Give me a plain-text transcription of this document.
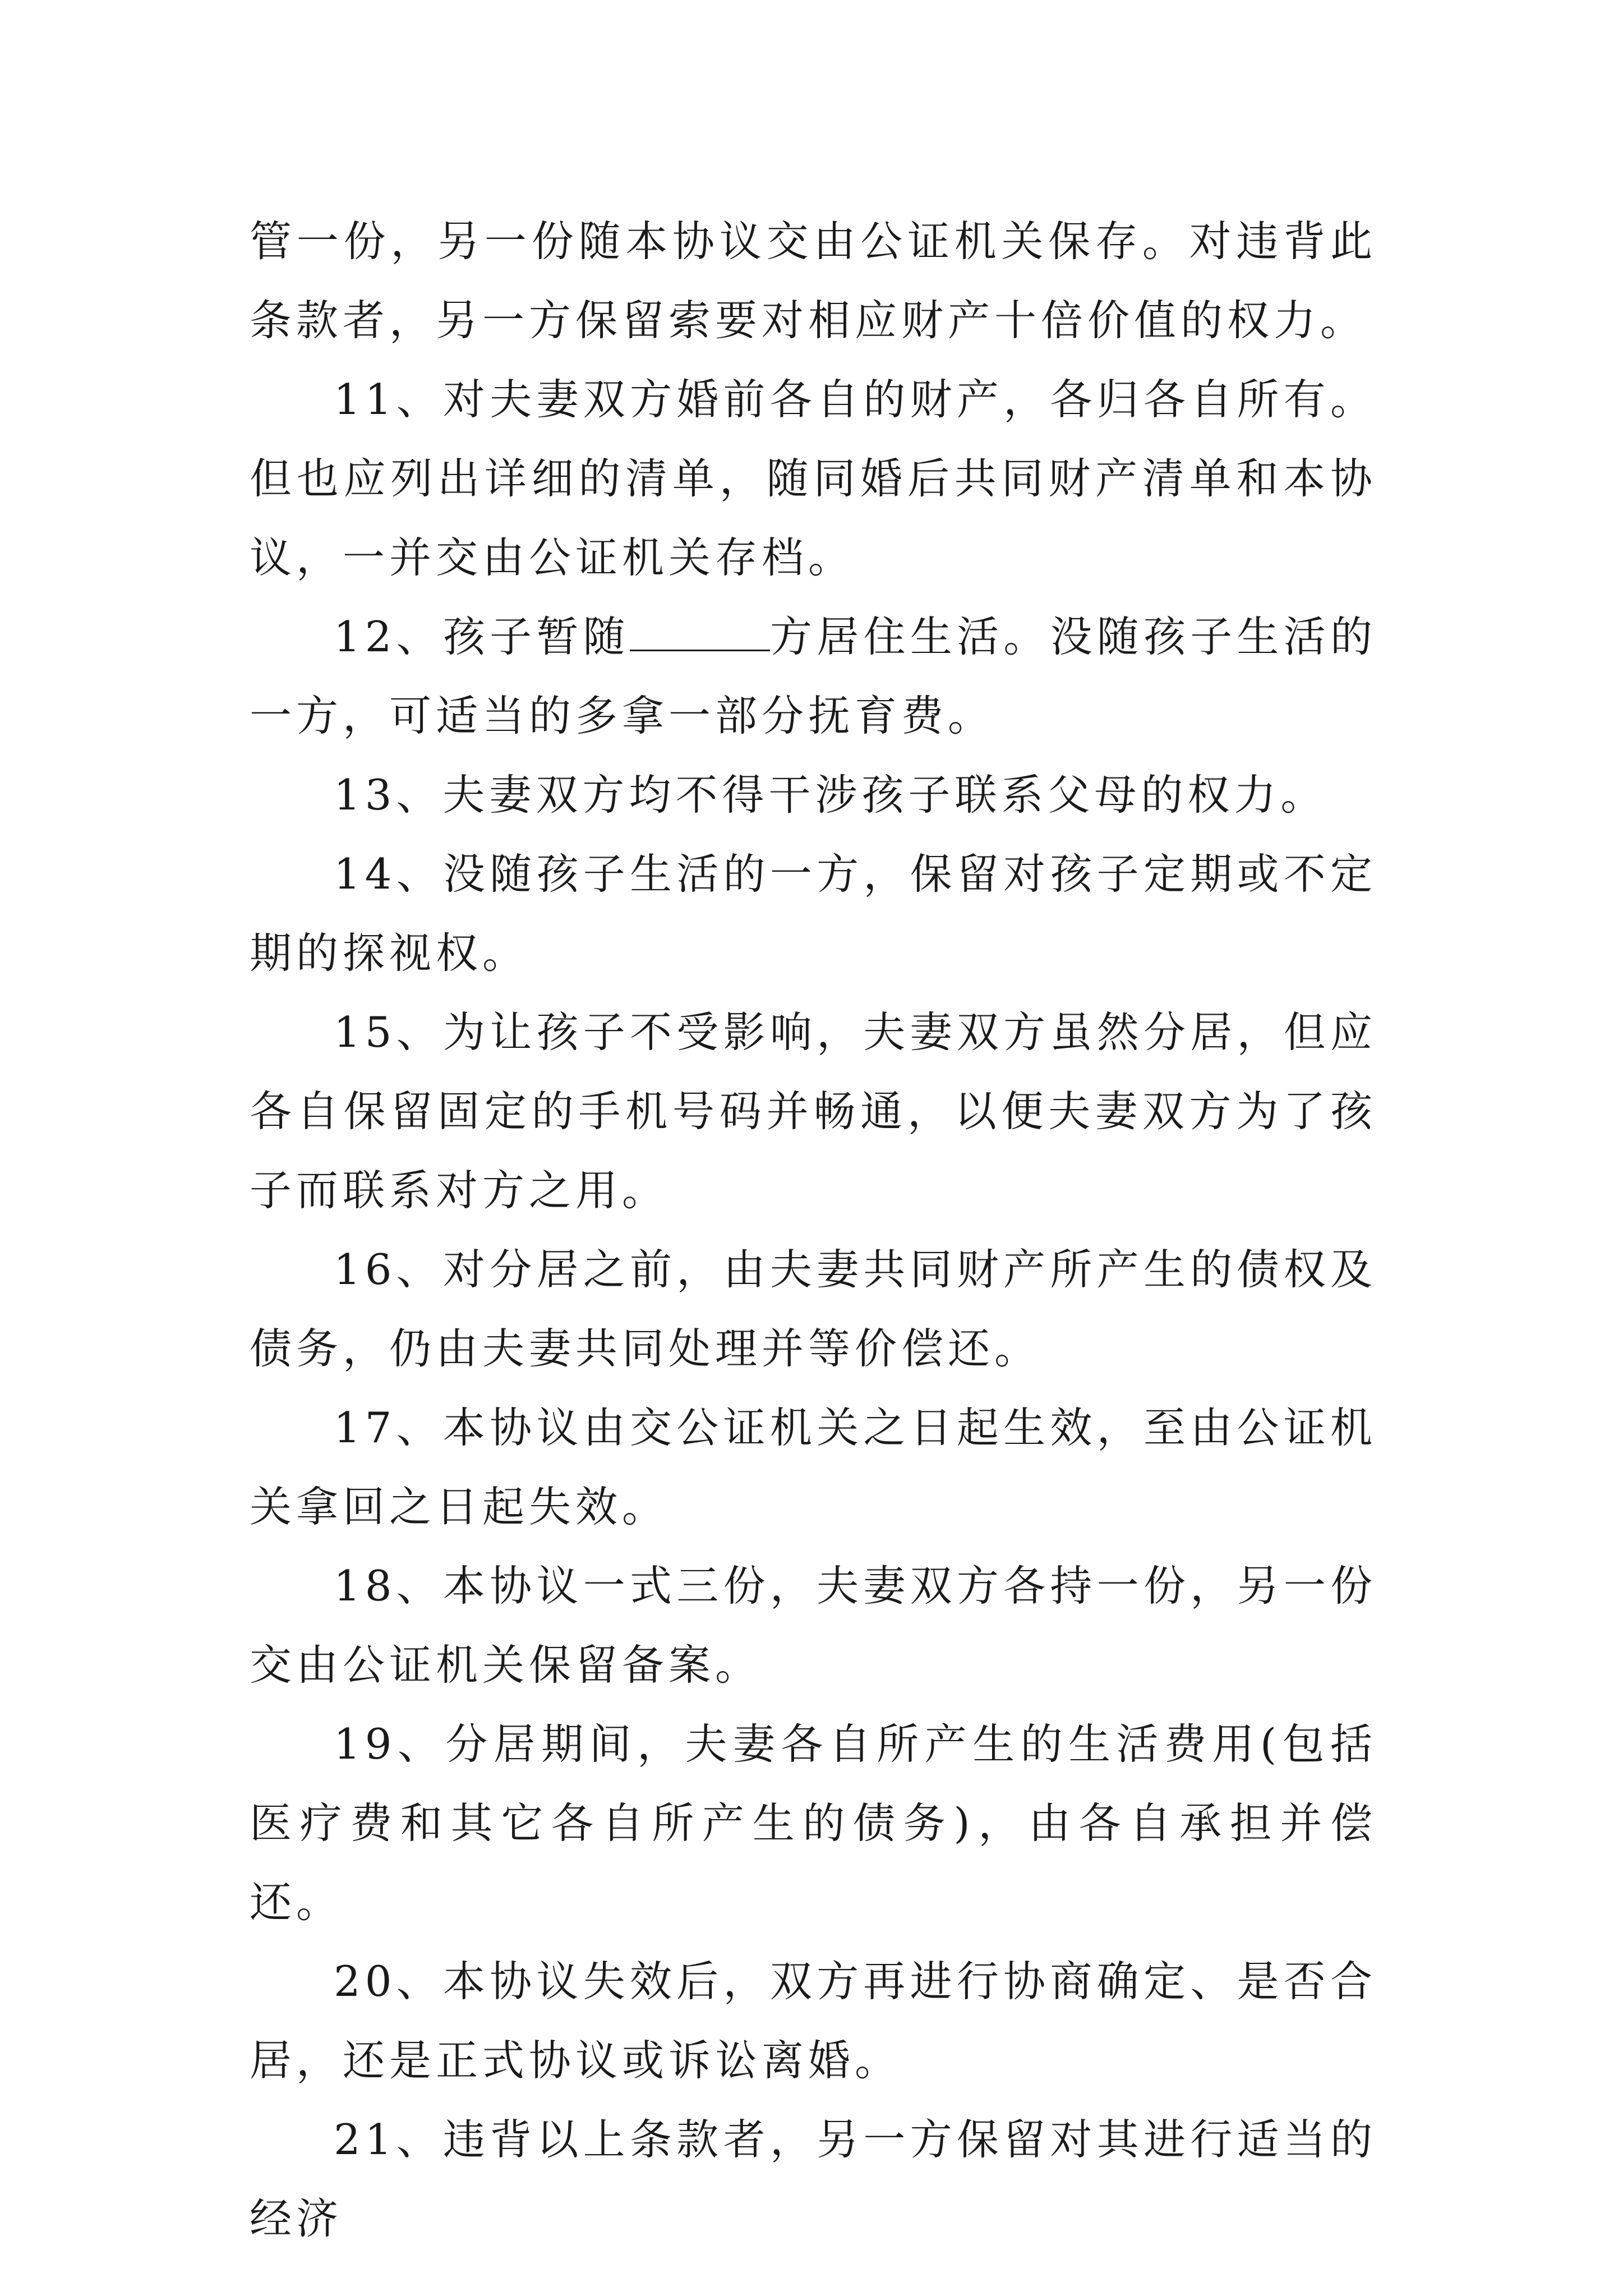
管一份，另一份随本协议交由公证机关保存。对违背此条款者，另一方保留索要对相应财产十倍价值的权力。

11、对夫妻双方婚前各自的财产，各归各自所有。但也应列出详细的清单，随同婚后共同财产清单和本协议，一并交由公证机关存档。

12、孩子暂随	方居住生活。没随孩子生活的一方，可适当的多拿一部分抚育费。

13、夫妻双方均不得干涉孩子联系父母的权力。

14、没随孩子生活的一方，保留对孩子定期或不定期的探视权。

15、为让孩子不受影响，夫妻双方虽然分居，但应各自保留固定的手机号码并畅通，以便夫妻双方为了孩子而联系对方之用。

16、对分居之前，由夫妻共同财产所产生的债权及债务，仍由夫妻共同处理并等价偿还。

17、本协议由交公证机关之日起生效，至由公证机关拿回之日起失效。

18、本协议一式三份，夫妻双方各持一份，另一份交由公证机关保留备案。

19、分居期间，夫妻各自所产生的生活费用(包括医疗费和其它各自所产生的债务)，由各自承担并偿还。

20、本协议失效后，双方再进行协商确定、是否合居，还是正式协议或诉讼离婚。

21、违背以上条款者，另一方保留对其进行适当的经济
